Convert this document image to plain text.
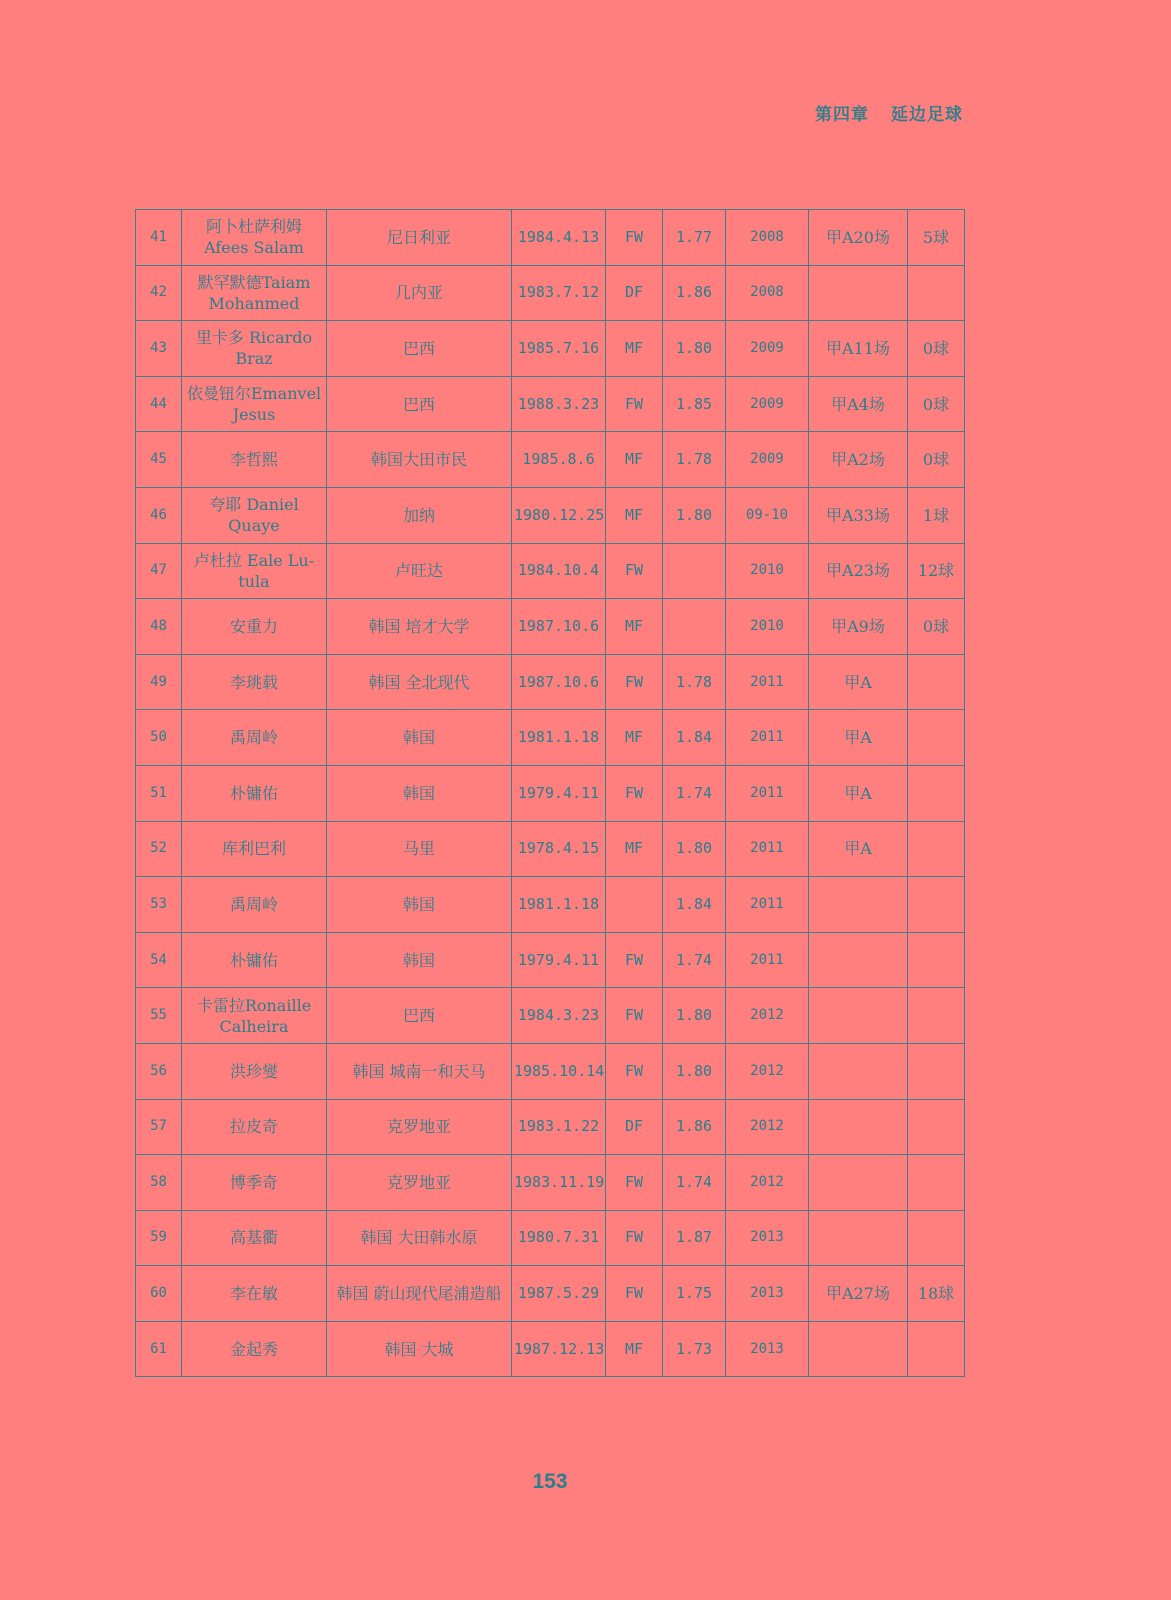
第四章 延边足球
41	阿卜杜萨利姆 Afees Salam	尼日利亚	1984.4.13	FW	1.77	2008	甲A20场	5球
42	默罕默德Taiam Mohanmed	几内亚	1983.7.12	DF	1.86	2008		
43	里卡多 Ricardo Braz	巴西	1985.7.16	MF	1.80	2009	甲A11场	0球
44	依曼钮尔Emanvel Jesus	巴西	1988.3.23	FW	1.85	2009	甲A4场	0球
45	李哲熙	韩国大田市民	1985.8.6	MF	1.78	2009	甲A2场	0球
46	夸耶 Daniel Quaye	加纳	1980.12.25	MF	1.80	09-10	甲A33场	1球
47	卢杜拉 Eale Lu-tula	卢旺达	1984.10.4	FW		2010	甲A23场	12球
48	安重力	韩国 培才大学	1987.10.6	MF		2010	甲A9场	0球
49	李珧载	韩国 全北现代	1987.10.6	FW	1.78	2011	甲A	
50	禹周岭	韩国	1981.1.18	MF	1.84	2011	甲A	
51	朴镛佑	韩国	1979.4.11	FW	1.74	2011	甲A	
52	库利巴利	马里	1978.4.15	MF	1.80	2011	甲A	
53	禹周岭	韩国	1981.1.18		1.84	2011		
54	朴镛佑	韩国	1979.4.11	FW	1.74	2011		
55	卡雷拉Ronaille Calheira	巴西	1984.3.23	FW	1.80	2012		
56	洪珍燮	韩国 城南一和天马	1985.10.14	FW	1.80	2012		
57	拉皮奇	克罗地亚	1983.1.22	DF	1.86	2012		
58	博季奇	克罗地亚	1983.11.19	FW	1.74	2012		
59	高基衢	韩国 大田韩水原	1980.7.31	FW	1.87	2013		
60	李在敏	韩国 蔚山现代尾浦造船	1987.5.29	FW	1.75	2013	甲A27场	18球
61	金起秀	韩国 大城	1987.12.13	MF	1.73	2013		
153
